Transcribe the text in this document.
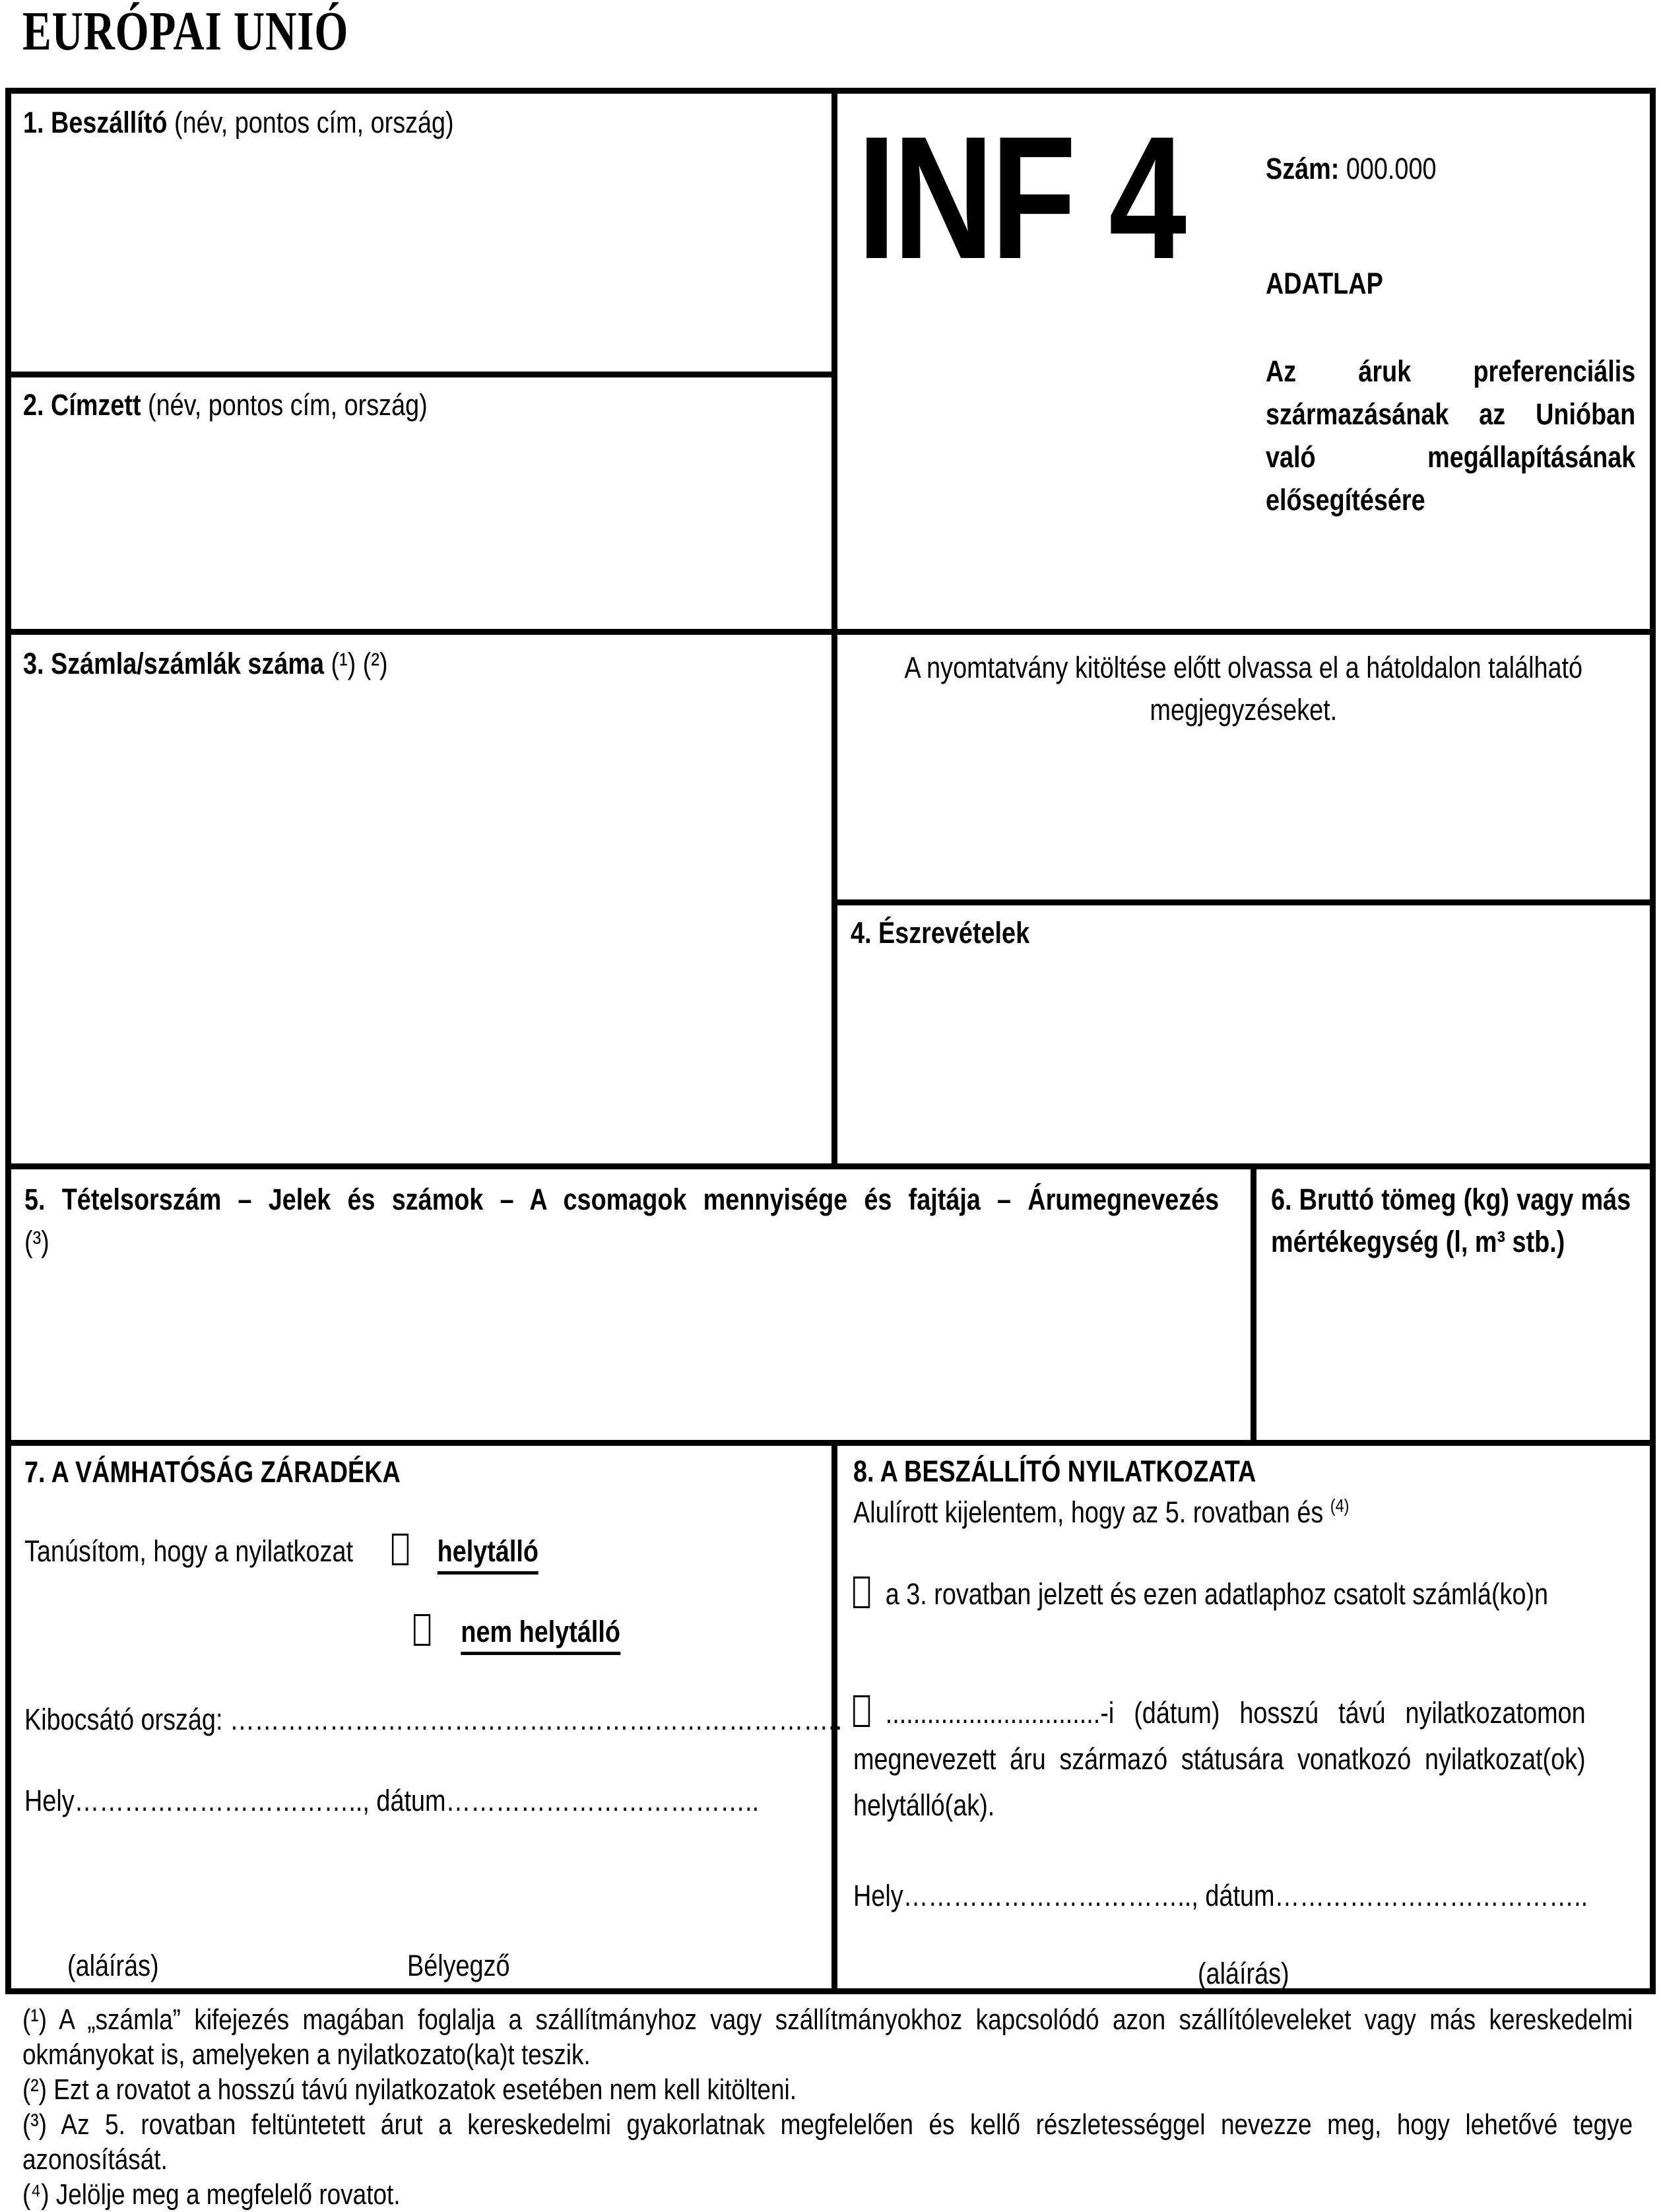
EURÓPAI UNIÓ
1. Beszállító (név, pontos cím, ország)
2. Címzett (név, pontos cím, ország)
INF 4	Szám: 000.000
ADATLAP
Az áruk preferenciális származásának az Unióban való megállapításának elősegítésére
3. Számla/számlák száma (¹) (²)	A nyomtatvány kitöltése előtt olvassa el a hátoldalon található megjegyzéseket.
4. Észrevételek
5. Tételsorszám – Jelek és számok – A csomagok mennyisége és fajtája – Árumegnevezés
(³)
6. Bruttó tömeg (kg) vagy más mértékegység (l, m³ stb.)
7. A VÁMHATÓSÁG ZÁRADÉKA
Tanúsítom, hogy a nyilatkozat	helytálló
nem helytálló
Kibocsátó ország: ………………………………………………………………..
Hely…………………………….., dátum………………………………..
(aláírás)	Bélyegző
8. A BESZÁLLÍTÓ NYILATKOZATA
Alulírott kijelentem, hogy az 5. rovatban és $^{(4)}$
a 3. rovatban jelzett és ezen adatlaphoz csatolt számlá(ko)n
...............................-i (dátum) hosszú távú nyilatkozatomon megnevezett áru származó státusára vonatkozó nyilatkozat(ok) helytálló(ak).
Hely…………………………….., dátum………………………………..
(aláírás)

(¹) A „számla” kifejezés magában foglalja a szállítmányhoz vagy szállítmányokhoz kapcsolódó azon szállítóleveleket vagy más kereskedelmi okmányokat is, amelyeken a nyilatkozato(ka)t teszik.

(²) Ezt a rovatot a hosszú távú nyilatkozatok esetében nem kell kitölteni.

(³) Az 5. rovatban feltüntetett árut a kereskedelmi gyakorlatnak megfelelően és kellő részletességgel nevezze meg, hogy lehetővé tegye azonosítását.

(⁴) Jelölje meg a megfelelő rovatot.
